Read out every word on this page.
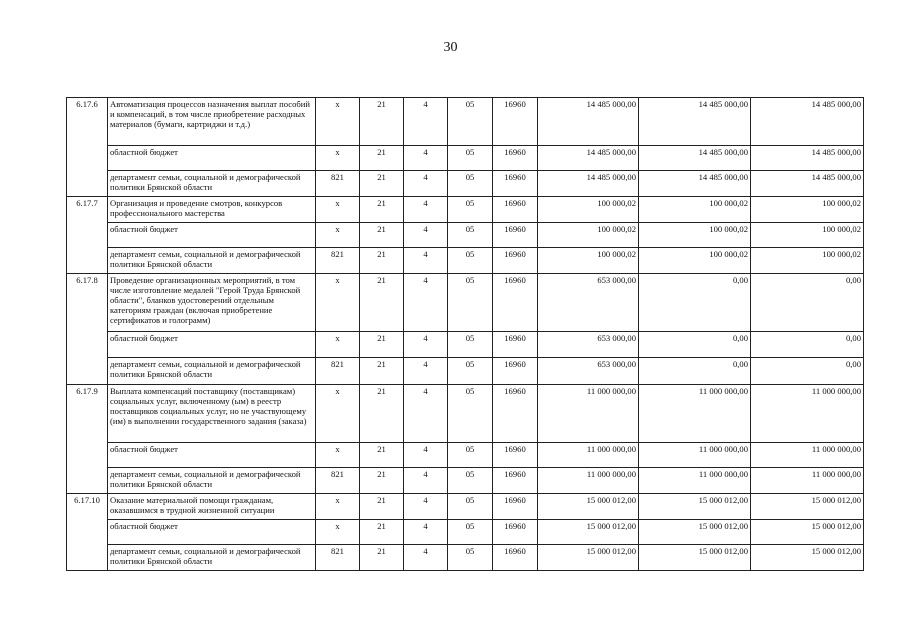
30
6.17.6	Автоматизация процессов назначения выплат пособий и компенсаций, в том числе приобретение расходных материалов (бумаги, картриджи и т.д.)	x	21	4	05	16960	14 485 000,00	14 485 000,00	14 485 000,00
	областной бюджет	x	21	4	05	16960	14 485 000,00	14 485 000,00	14 485 000,00
	департамент семьи, социальной и демографической политики Брянской области	821	21	4	05	16960	14 485 000,00	14 485 000,00	14 485 000,00
6.17.7	Организация и проведение смотров, конкурсов профессионального мастерства	x	21	4	05	16960	100 000,02	100 000,02	100 000,02
	областной бюджет	x	21	4	05	16960	100 000,02	100 000,02	100 000,02
	департамент семьи, социальной и демографической политики Брянской области	821	21	4	05	16960	100 000,02	100 000,02	100 000,02
6.17.8	Проведение организационных мероприятий, в том числе изготовление медалей "Герой Труда Брянской области", бланков удостоверений отдельным категориям граждан (включая приобретение сертификатов и голограмм)	x	21	4	05	16960	653 000,00	0,00	0,00
	областной бюджет	x	21	4	05	16960	653 000,00	0,00	0,00
	департамент семьи, социальной и демографической политики Брянской области	821	21	4	05	16960	653 000,00	0,00	0,00
6.17.9	Выплата компенсаций поставщику (поставщикам) социальных услуг, включенному (ым) в реестр поставщиков социальных услуг, но не участвующему (им) в выполнении государственного задания (заказа)	x	21	4	05	16960	11 000 000,00	11 000 000,00	11 000 000,00
	областной бюджет	x	21	4	05	16960	11 000 000,00	11 000 000,00	11 000 000,00
	департамент семьи, социальной и демографической политики Брянской области	821	21	4	05	16960	11 000 000,00	11 000 000,00	11 000 000,00
6.17.10	Оказание материальной помощи гражданам, оказавшимся в трудной жизненной ситуации	x	21	4	05	16960	15 000 012,00	15 000 012,00	15 000 012,00
	областной бюджет	x	21	4	05	16960	15 000 012,00	15 000 012,00	15 000 012,00
	департамент семьи, социальной и демографической политики Брянской области	821	21	4	05	16960	15 000 012,00	15 000 012,00	15 000 012,00
